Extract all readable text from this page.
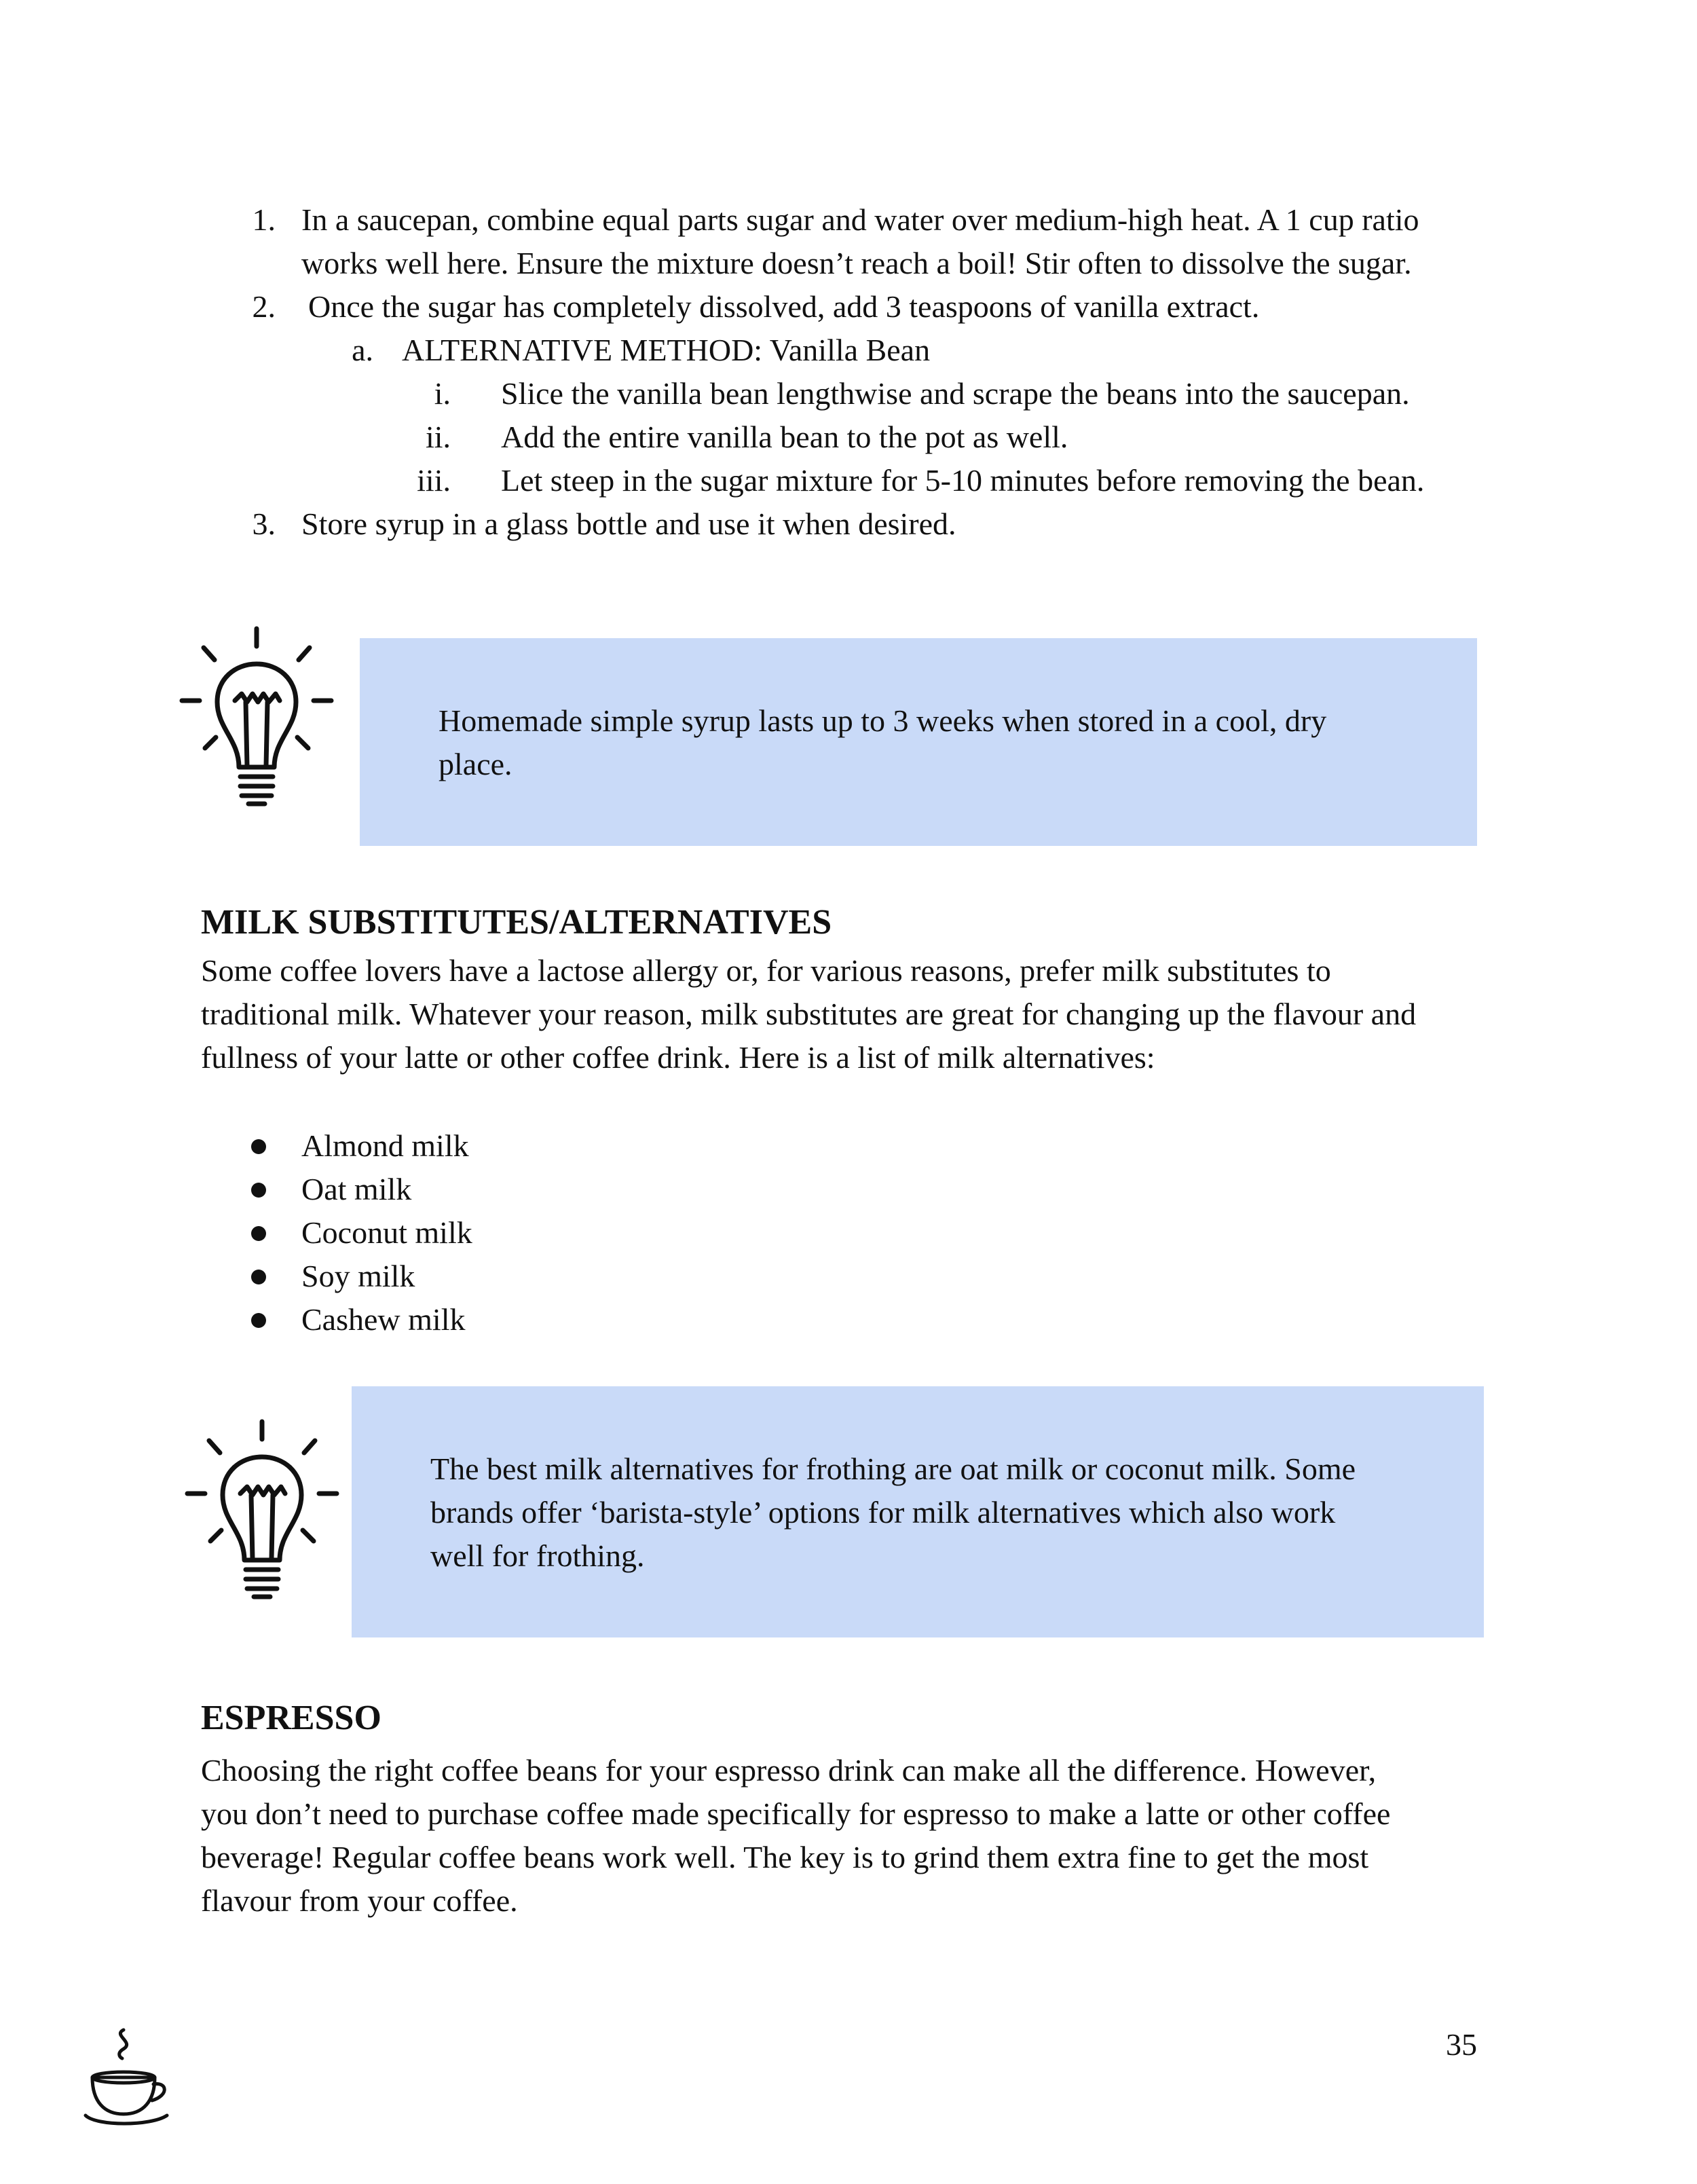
1. In a saucepan, combine equal parts sugar and water over medium-high heat. A 1 cup ratio
works well here. Ensure the mixture doesn’t reach a boil! Stir often to dissolve the sugar.
2. Once the sugar has completely dissolved, add 3 teaspoons of vanilla extract.
a. ALTERNATIVE METHOD: Vanilla Bean
i. Slice the vanilla bean lengthwise and scrape the beans into the saucepan.
ii. Add the entire vanilla bean to the pot as well.
iii. Let steep in the sugar mixture for 5-10 minutes before removing the bean.
3. Store syrup in a glass bottle and use it when desired.

Homemade simple syrup lasts up to 3 weeks when stored in a cool, dry
place.

MILK SUBSTITUTES/ALTERNATIVES

Some coffee lovers have a lactose allergy or, for various reasons, prefer milk substitutes to
traditional milk. Whatever your reason, milk substitutes are great for changing up the flavour and
fullness of your latte or other coffee drink. Here is a list of milk alternatives:

Almond milk
Oat milk
Coconut milk
Soy milk
Cashew milk

The best milk alternatives for frothing are oat milk or coconut milk. Some
brands offer ‘barista-style’ options for milk alternatives which also work
well for frothing.

ESPRESSO

Choosing the right coffee beans for your espresso drink can make all the difference. However,
you don’t need to purchase coffee made specifically for espresso to make a latte or other coffee
beverage! Regular coffee beans work well. The key is to grind them extra fine to get the most
flavour from your coffee.

35
